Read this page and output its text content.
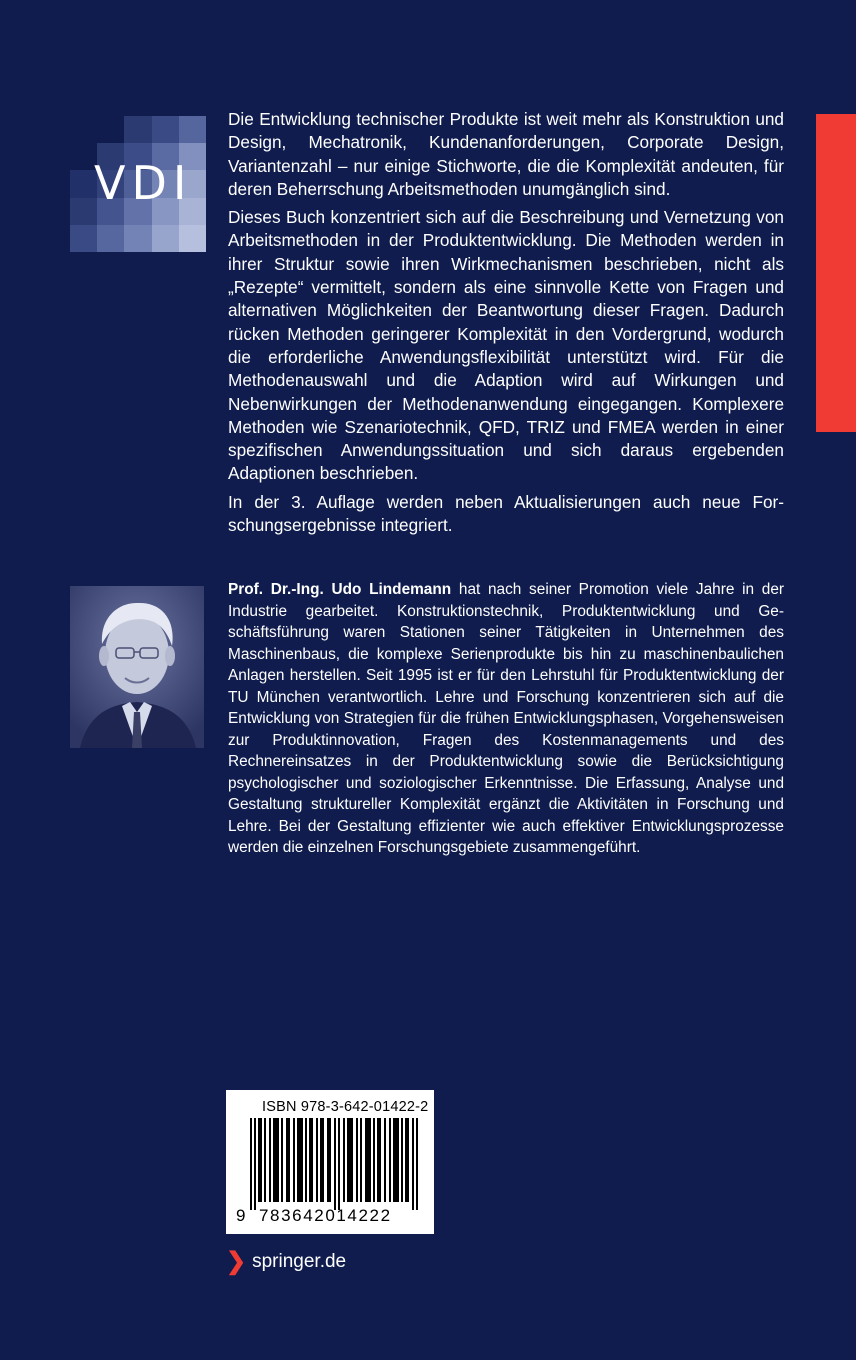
VDI

Die Entwicklung technischer Produkte ist weit mehr als Konstruktion und Design, Mechatronik, Kundenanforderungen, Corporate Design, Variantenzahl – nur einige Stichworte, die die Komplexität andeuten, für deren Beherrschung Arbeitsmethoden unumgänglich sind.

Dieses Buch konzentriert sich auf die Beschreibung und Vernetzung von Arbeitsmethoden in der Produktentwicklung. Die Methoden werden in ihrer Struktur sowie ihren Wirkmechanismen beschrieben, nicht als „Rezepte“ vermittelt, sondern als eine sinnvolle Kette von Fragen und alternativen Möglichkeiten der Beantwortung dieser Fragen. Dadurch rücken Methoden geringerer Komplexität in den Vordergrund, wodurch die erforderliche Anwendungsflexibilität unterstützt wird. Für die Methodenauswahl und die Adaption wird auf Wirkungen und Nebenwirkungen der Methodenanwendung eingegangen. Komplexere Methoden wie Szenariotechnik, QFD, TRIZ und FMEA werden in einer spezifischen Anwendungssituation und sich daraus ergebenden Adaptionen beschrieben.

In der 3. Auflage werden neben Aktualisierungen auch neue Forschungsergebnisse integriert.

Prof. Dr.-Ing. Udo Lindemann hat nach seiner Promotion viele Jahre in der Industrie gearbeitet. Konstruktionstechnik, Produktentwicklung und Geschäftsführung waren Stationen seiner Tätigkeiten in Unternehmen des Maschinenbaus, die komplexe Serienprodukte bis hin zu maschinenbaulichen Anlagen herstellen. Seit 1995 ist er für den Lehrstuhl für Produktentwicklung der TU München verantwortlich. Lehre und Forschung konzentrieren sich auf die Entwicklung von Strategien für die frühen Entwicklungsphasen, Vorgehensweisen zur Produktinnovation, Fragen des Kostenmanagements und des Rechnereinsatzes in der Produktentwicklung sowie die Berücksichtigung psychologischer und soziologischer Erkenntnisse. Die Erfassung, Analyse und Gestaltung struktureller Komplexität ergänzt die Aktivitäten in Forschung und Lehre. Bei der Gestaltung effizienter wie auch effektiver Entwicklungsprozesse werden die einzelnen Forschungsgebiete zusammengeführt.
ISBN 978-3-642-01422-2
9 783642014222
❯ springer.de
